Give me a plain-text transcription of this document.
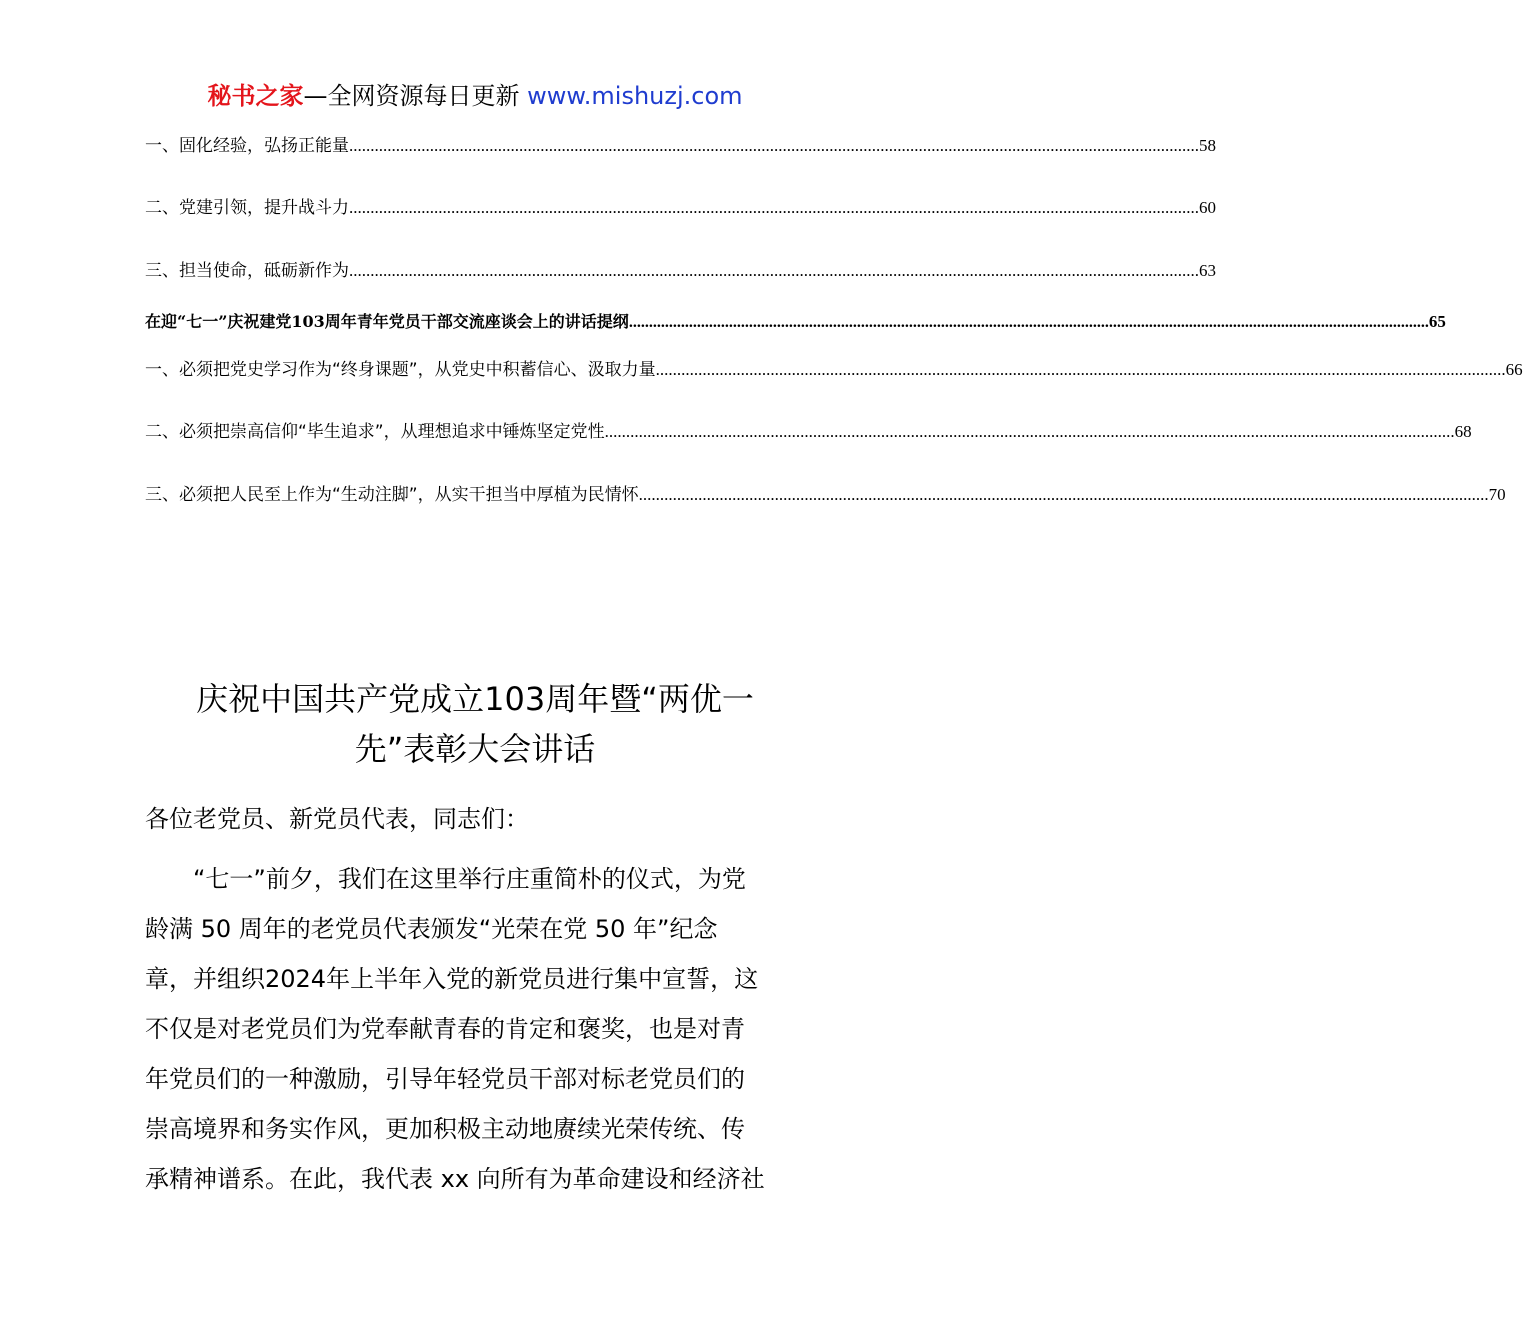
秘书之家—全网资源每日更新 www.mishuzj.com
一、固化经验，弘扬正能量 ........................................................................................................................................................................................................ 58
二、党建引领，提升战斗力 ........................................................................................................................................................................................................ 60
三、担当使命，砥砺新作为 ........................................................................................................................................................................................................ 63
在迎“七一”庆祝建党103周年青年党员干部交流座谈会上的讲话提纲 ........................................................................................................................................................................................................ 65
一、必须把党史学习作为“终身课题”，从党史中积蓄信心、汲取力量 ........................................................................................................................................................................................................ 66
二、必须把崇高信仰“毕生追求”，从理想追求中锤炼坚定党性 ........................................................................................................................................................................................................ 68
三、必须把人民至上作为“生动注脚”，从实干担当中厚植为民情怀 ........................................................................................................................................................................................................ 70
庆祝中国共产党成立103周年暨“两优一
先”表彰大会讲话
各位老党员、新党员代表，同志们：
　　“七一”前夕，我们在这里举行庄重简朴的仪式，为党
龄满 50 周年的老党员代表颁发“光荣在党 50 年”纪念
章，并组织2024年上半年入党的新党员进行集中宣誓，这
不仅是对老党员们为党奉献青春的肯定和褒奖，也是对青
年党员们的一种激励，引导年轻党员干部对标老党员们的
崇高境界和务实作风，更加积极主动地赓续光荣传统、传
承精神谱系。在此，我代表 xx 向所有为革命建设和经济社
